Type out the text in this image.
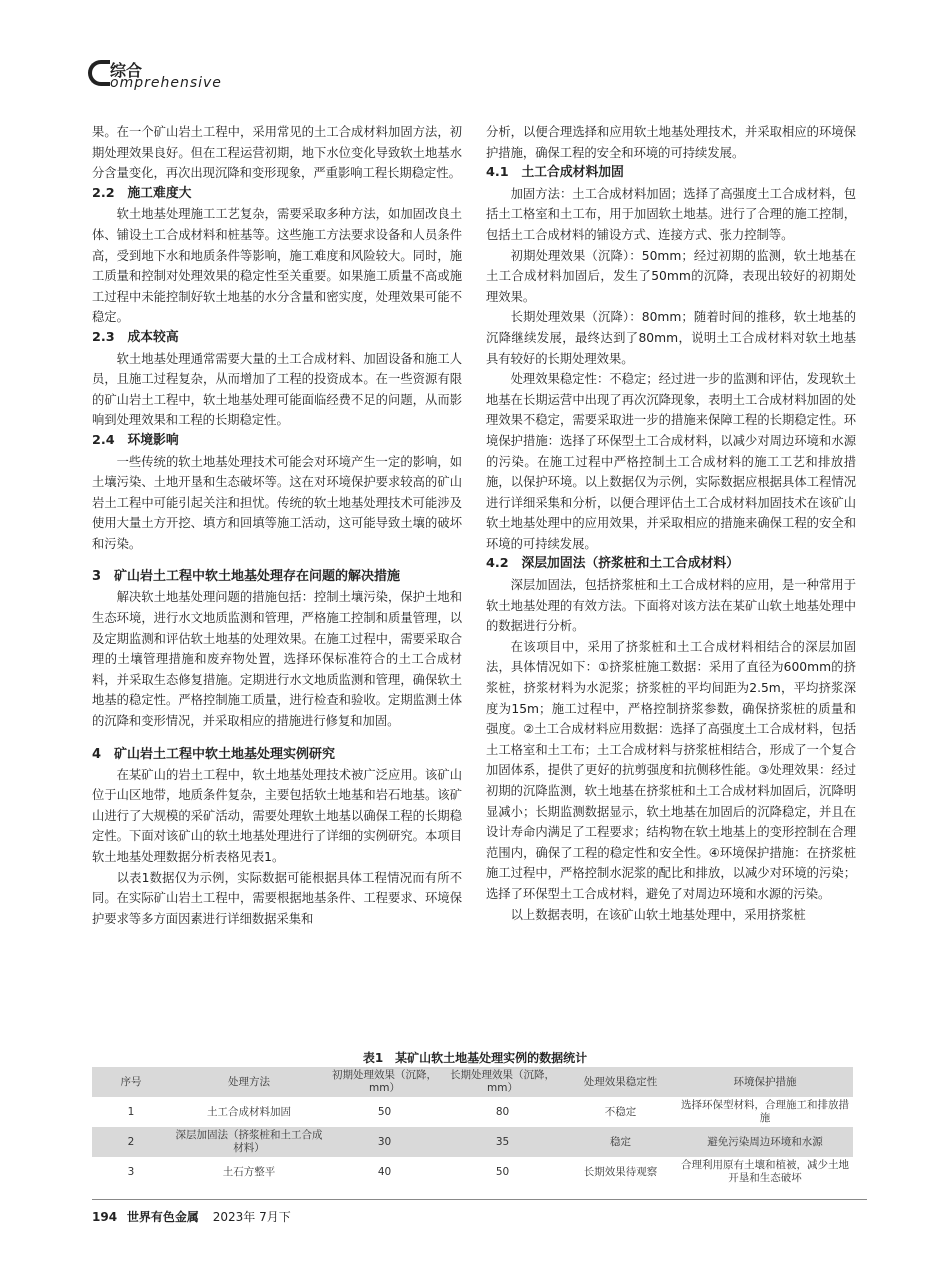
综合
omprehensive

果。在一个矿山岩土工程中，采用常见的土工合成材料加固方法，初期处理效果良好。但在工程运营初期，地下水位变化导致软土地基水分含量变化，再次出现沉降和变形现象，严重影响工程长期稳定性。

2.2　施工难度大

软土地基处理施工工艺复杂，需要采取多种方法，如加固改良土体、铺设土工合成材料和桩基等。这些施工方法要求设备和人员条件高，受到地下水和地质条件等影响，施工难度和风险较大。同时，施工质量和控制对处理效果的稳定性至关重要。如果施工质量不高或施工过程中未能控制好软土地基的水分含量和密实度，处理效果可能不稳定。

2.3　成本较高

软土地基处理通常需要大量的土工合成材料、加固设备和施工人员，且施工过程复杂，从而增加了工程的投资成本。在一些资源有限的矿山岩土工程中，软土地基处理可能面临经费不足的问题，从而影响到处理效果和工程的长期稳定性。

2.4　环境影响

一些传统的软土地基处理技术可能会对环境产生一定的影响，如土壤污染、土地开垦和生态破坏等。这在对环境保护要求较高的矿山岩土工程中可能引起关注和担忧。传统的软土地基处理技术可能涉及使用大量土方开挖、填方和回填等施工活动，这可能导致土壤的破坏和污染。

3　矿山岩土工程中软土地基处理存在问题的解决措施

解决软土地基处理问题的措施包括：控制土壤污染，保护土地和生态环境，进行水文地质监测和管理，严格施工控制和质量管理，以及定期监测和评估软土地基的处理效果。在施工过程中，需要采取合理的土壤管理措施和废弃物处置，选择环保标准符合的土工合成材料，并采取生态修复措施。定期进行水文地质监测和管理，确保软土地基的稳定性。严格控制施工质量，进行检查和验收。定期监测土体的沉降和变形情况，并采取相应的措施进行修复和加固。

4　矿山岩土工程中软土地基处理实例研究

在某矿山的岩土工程中，软土地基处理技术被广泛应用。该矿山位于山区地带，地质条件复杂，主要包括软土地基和岩石地基。该矿山进行了大规模的采矿活动，需要处理软土地基以确保工程的长期稳定性。下面对该矿山的软土地基处理进行了详细的实例研究。本项目软土地基处理数据分析表格见表1。

以表1数据仅为示例，实际数据可能根据具体工程情况而有所不同。在实际矿山岩土工程中，需要根据地基条件、工程要求、环境保护要求等多方面因素进行详细数据采集和

分析，以便合理选择和应用软土地基处理技术，并采取相应的环境保护措施，确保工程的安全和环境的可持续发展。

4.1　土工合成材料加固

加固方法：土工合成材料加固；选择了高强度土工合成材料，包括土工格室和土工布，用于加固软土地基。进行了合理的施工控制，包括土工合成材料的铺设方式、连接方式、张力控制等。

初期处理效果（沉降）：50mm；经过初期的监测，软土地基在土工合成材料加固后，发生了50mm的沉降，表现出较好的初期处理效果。

长期处理效果（沉降）：80mm；随着时间的推移，软土地基的沉降继续发展，最终达到了80mm，说明土工合成材料对软土地基具有较好的长期处理效果。

处理效果稳定性：不稳定；经过进一步的监测和评估，发现软土地基在长期运营中出现了再次沉降现象，表明土工合成材料加固的处理效果不稳定，需要采取进一步的措施来保障工程的长期稳定性。环境保护措施：选择了环保型土工合成材料，以减少对周边环境和水源的污染。在施工过程中严格控制土工合成材料的施工工艺和排放措施，以保护环境。以上数据仅为示例，实际数据应根据具体工程情况进行详细采集和分析，以便合理评估土工合成材料加固技术在该矿山软土地基处理中的应用效果，并采取相应的措施来确保工程的安全和环境的可持续发展。

4.2　深层加固法（挤浆桩和土工合成材料）

深层加固法，包括挤浆桩和土工合成材料的应用，是一种常用于软土地基处理的有效方法。下面将对该方法在某矿山软土地基处理中的数据进行分析。

在该项目中，采用了挤浆桩和土工合成材料相结合的深层加固法，具体情况如下：①挤浆桩施工数据：采用了直径为600mm的挤浆桩，挤浆材料为水泥浆；挤浆桩的平均间距为2.5m，平均挤浆深度为15m；施工过程中，严格控制挤浆参数，确保挤浆桩的质量和强度。②土工合成材料应用数据：选择了高强度土工合成材料，包括土工格室和土工布；土工合成材料与挤浆桩相结合，形成了一个复合加固体系，提供了更好的抗剪强度和抗侧移性能。③处理效果：经过初期的沉降监测，软土地基在挤浆桩和土工合成材料加固后，沉降明显减小；长期监测数据显示，软土地基在加固后的沉降稳定，并且在设计寿命内满足了工程要求；结构物在软土地基上的变形控制在合理范围内，确保了工程的稳定性和安全性。④环境保护措施：在挤浆桩施工过程中，严格控制水泥浆的配比和排放，以减少对环境的污染；选择了环保型土工合成材料，避免了对周边环境和水源的污染。

以上数据表明，在该矿山软土地基处理中，采用挤浆桩

表1　某矿山软土地基处理实例的数据统计
序号	处理方法	初期处理效果（沉降，mm）	长期处理效果（沉降，mm）	处理效果稳定性	环境保护措施
1	土工合成材料加固	50	80	不稳定	选择环保型材料，合理施工和排放措施
2	深层加固法（挤浆桩和土工合成材料）	30	35	稳定	避免污染周边环境和水源
3	土石方整平	40	50	长期效果待观察	合理利用原有土壤和植被，减少土地开垦和生态破坏
194 世界有色金属 2023年 7月下
